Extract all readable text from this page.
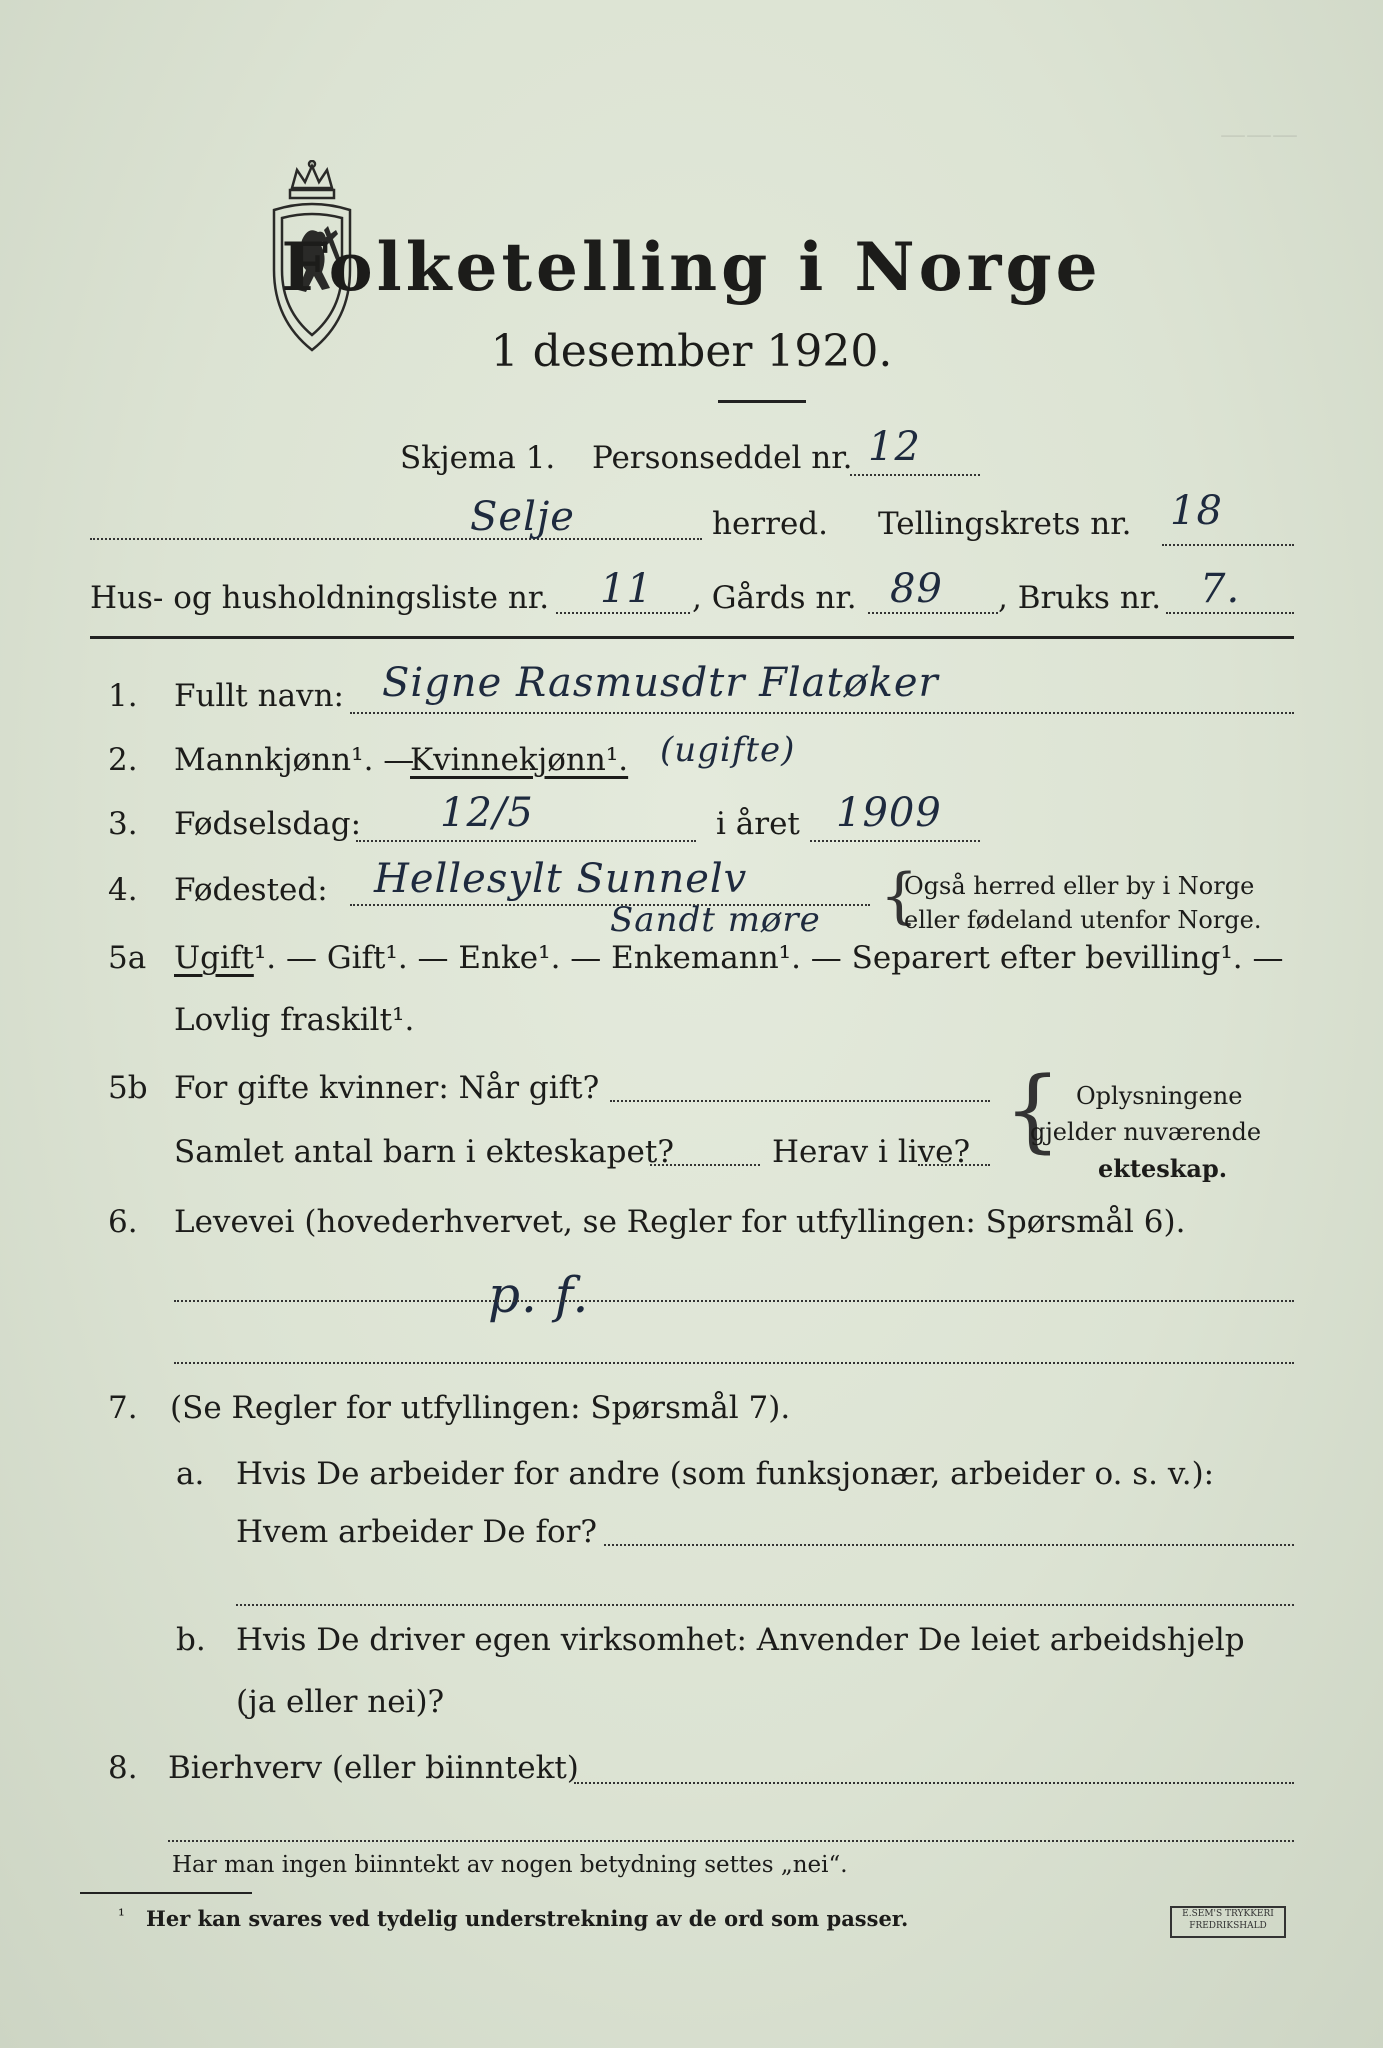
———
Folketelling i Norge
1 desember 1920.
Skjema 1. Personseddel nr. 12
Selje	herred. Tellingskrets nr. 18
Hus- og husholdningsliste nr. 11 , Gårds nr. 89 , Bruks nr. 7.
1. Fullt navn: Signe Rasmusdtr Flatøker
2. Mannkjønn¹. —
Kvinnekjønn¹. (ugifte)
3. Fødselsdag: 12/5	i året 1909
4. Fødested: Hellesylt Sunnelv
Sandt møre {
Også herred eller by i Norge
eller fødeland utenfor Norge.
5a Ugift¹. — Gift¹. — Enke¹. — Enkemann¹. — Separert efter bevilling¹. —
Lovlig fraskilt¹.
5b For gifte kvinner: Når gift?
Samlet antal barn i ekteskapet?	Herav i live? { Oplysningene
gjelder nuværende
ekteskap.
6. Levevei (hovederhvervet, se Regler for utfyllingen: Spørsmål 6).
p. f.
7. (Se Regler for utfyllingen: Spørsmål 7).
a. Hvis De arbeider for andre (som funksjonær, arbeider o. s. v.):
Hvem arbeider De for?
b. Hvis De driver egen virksomhet: Anvender De leiet arbeidshjelp
(ja eller nei)?
8. Bierhverv (eller biinntekt)
Har man ingen biinntekt av nogen betydning settes „nei“.
¹ Her kan svares ved tydelig understrekning av de ord som passer.	E.SEM'S TRYKKERI FREDRIKSHALD
